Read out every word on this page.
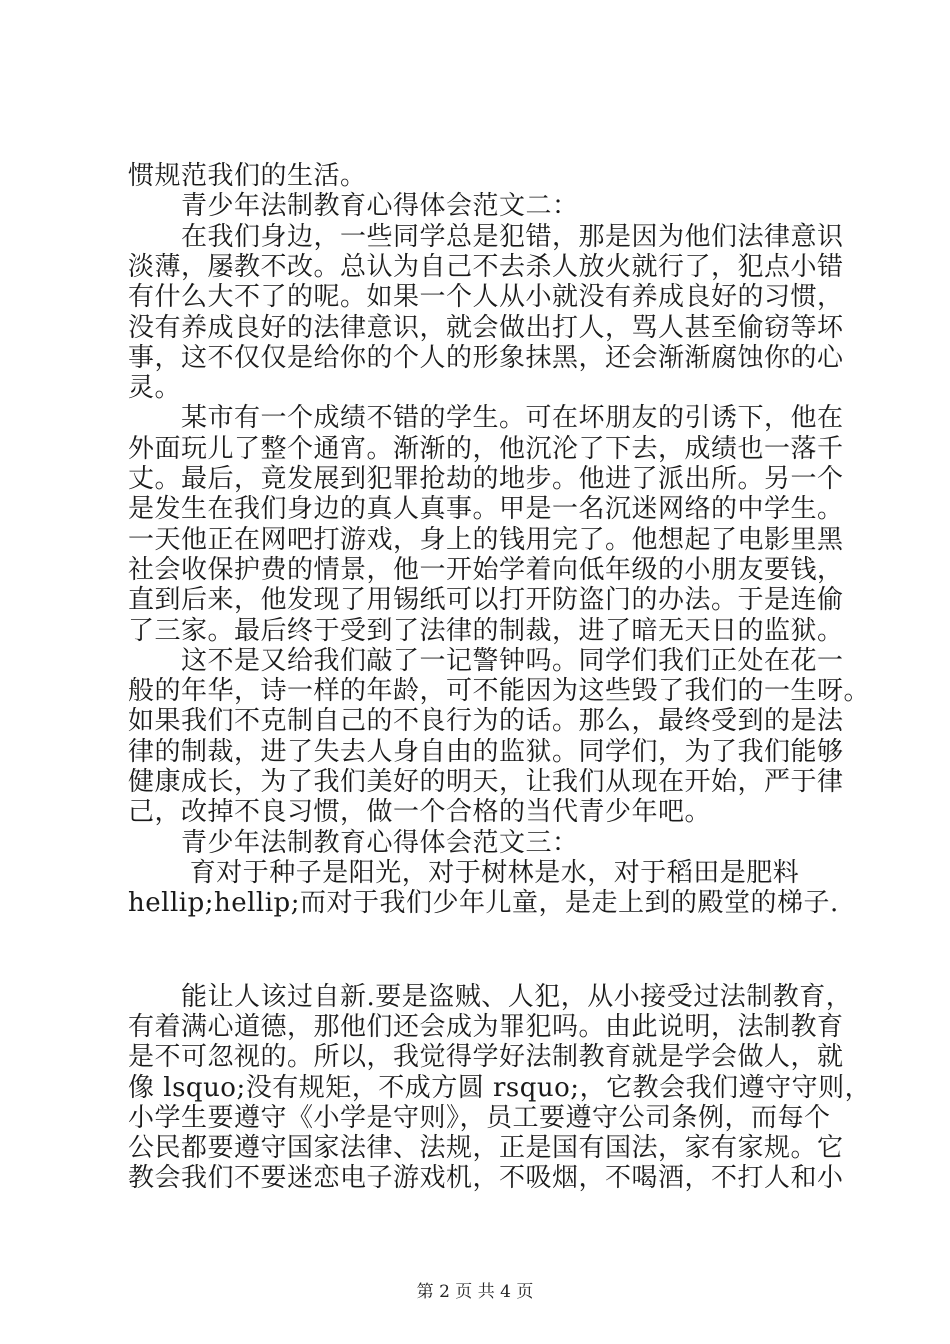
惯规范我们的生活。
　　青少年法制教育心得体会范文二：
　　在我们身边，一些同学总是犯错，那是因为他们法律意识
淡薄，屡教不改。总认为自己不去杀人放火就行了，犯点小错
有什么大不了的呢。如果一个人从小就没有养成良好的习惯，
没有养成良好的法律意识，就会做出打人，骂人甚至偷窃等坏
事，这不仅仅是给你的个人的形象抹黑，还会渐渐腐蚀你的心
灵。
　　某市有一个成绩不错的学生。可在坏朋友的引诱下，他在
外面玩儿了整个通宵。渐渐的，他沉沦了下去，成绩也一落千
丈。最后，竟发展到犯罪抢劫的地步。他进了派出所。另一个
是发生在我们身边的真人真事。甲是一名沉迷网络的中学生。
一天他正在网吧打游戏，身上的钱用完了。他想起了电影里黑
社会收保护费的情景，他一开始学着向低年级的小朋友要钱，
直到后来，他发现了用锡纸可以打开防盗门的办法。于是连偷
了三家。最后终于受到了法律的制裁，进了暗无天日的监狱。
　　这不是又给我们敲了一记警钟吗。同学们我们正处在花一
般的年华，诗一样的年龄，可不能因为这些毁了我们的一生呀。
如果我们不克制自己的不良行为的话。那么，最终受到的是法
律的制裁，进了失去人身自由的监狱。同学们，为了我们能够
健康成长，为了我们美好的明天，让我们从现在开始，严于律
己，改掉不良习惯，做一个合格的当代青少年吧。
　　青少年法制教育心得体会范文三：
　　 育对于种子是阳光，对于树林是水，对于稻田是肥料
hellip;hellip;而对于我们少年儿童，是走上到的殿堂的梯子.
　　能让人该过自新.要是盗贼、人犯，从小接受过法制教育，
有着满心道德，那他们还会成为罪犯吗。由此说明，法制教育
是不可忽视的。所以，我觉得学好法制教育就是学会做人，就
像 lsquo;没有规矩，不成方圆 rsquo;，它教会我们遵守守则，
小学生要遵守《小学是守则》，员工要遵守公司条例，而每个
公民都要遵守国家法律、法规，正是国有国法，家有家规。它
教会我们不要迷恋电子游戏机，不吸烟，不喝酒，不打人和小
第 2 页 共 4 页
